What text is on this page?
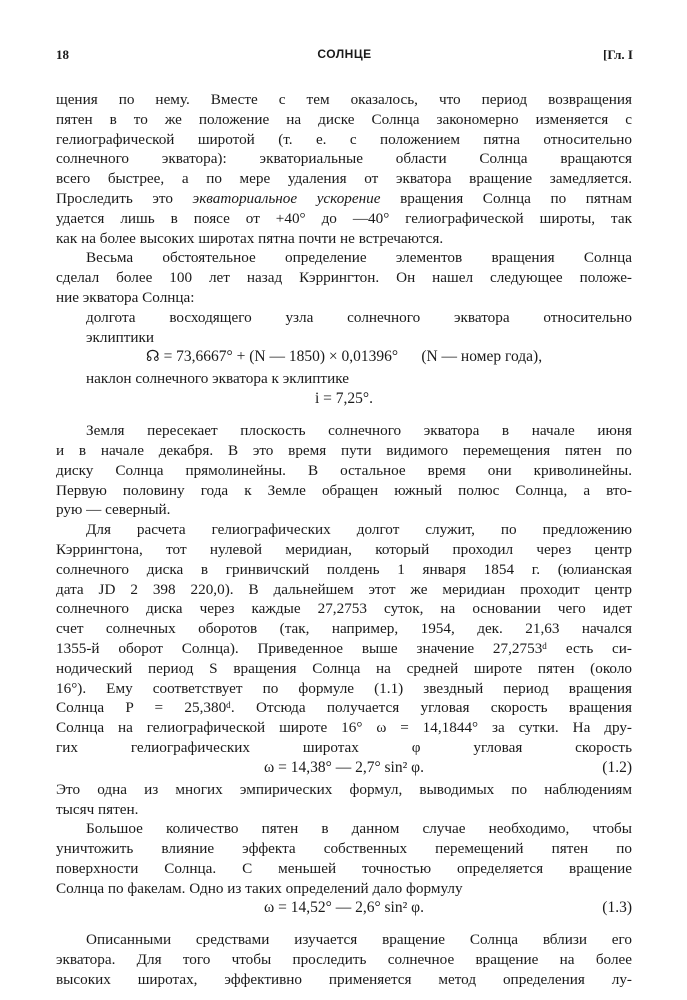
18	СОЛНЦЕ	[Гл. I
щения по нему. Вместе с тем оказалось, что период возвращения
пятен в то же положение на диске Солнца закономерно изменяется с
гелиографической широтой (т. е. с положением пятна относительно
солнечного экватора): экваториальные области Солнца вращаются
всего быстрее, а по мере удаления от экватора вращение замедляется.
Проследить это экваториальное ускорение вращения Солнца по пятнам
удается лишь в поясе от +40° до —40° гелиографической широты, так
как на более высоких широтах пятна почти не встречаются.
Весьма обстоятельное определение элементов вращения Солнца
сделал более 100 лет назад Кэррингтон. Он нашел следующее положе-
ние экватора Солнца:
долгота восходящего узла солнечного экватора относительно
эклиптики
☊ = 73,6667° + (N — 1850) × 0,01396° (N — номер года),
наклон солнечного экватора к эклиптике
i = 7,25°.
Земля пересекает плоскость солнечного экватора в начале июня
и в начале декабря. В это время пути видимого перемещения пятен по
диску Солнца прямолинейны. В остальное время они криволинейны.
Первую половину года к Земле обращен южный полюс Солнца, а вто-
рую — северный.
Для расчета гелиографических долгот служит, по предложению
Кэррингтона, тот нулевой меридиан, который проходил через центр
солнечного диска в гринвичский полдень 1 января 1854 г. (юлианская
дата JD 2 398 220,0). В дальнейшем этот же меридиан проходит центр
солнечного диска через каждые 27,2753 суток, на основании чего идет
счет солнечных оборотов (так, например, 1954, дек. 21,63 начался
1355-й оборот Солнца). Приведенное выше значение 27,2753ᵈ есть си-
нодический период S вращения Солнца на средней широте пятен (около
16°). Ему соответствует по формуле (1.1) звездный период вращения
Солнца P = 25,380ᵈ. Отсюда получается угловая скорость вращения
Солнца на гелиографической широте 16° ω = 14,1844° за сутки. На дру-
гих гелиографических широтах φ угловая скорость
ω = 14,38° — 2,7° sin² φ.	(1.2)
Это одна из многих эмпирических формул, выводимых по наблюдениям
тысяч пятен.
Большое количество пятен в данном случае необходимо, чтобы
уничтожить влияние эффекта собственных перемещений пятен по
поверхности Солнца. С меньшей точностью определяется вращение
Солнца по факелам. Одно из таких определений дало формулу
ω = 14,52° — 2,6° sin² φ.	(1.3)
Описанными средствами изучается вращение Солнца вблизи его
экватора. Для того чтобы проследить солнечное вращение на более
высоких широтах, эффективно применяется метод определения лу-
